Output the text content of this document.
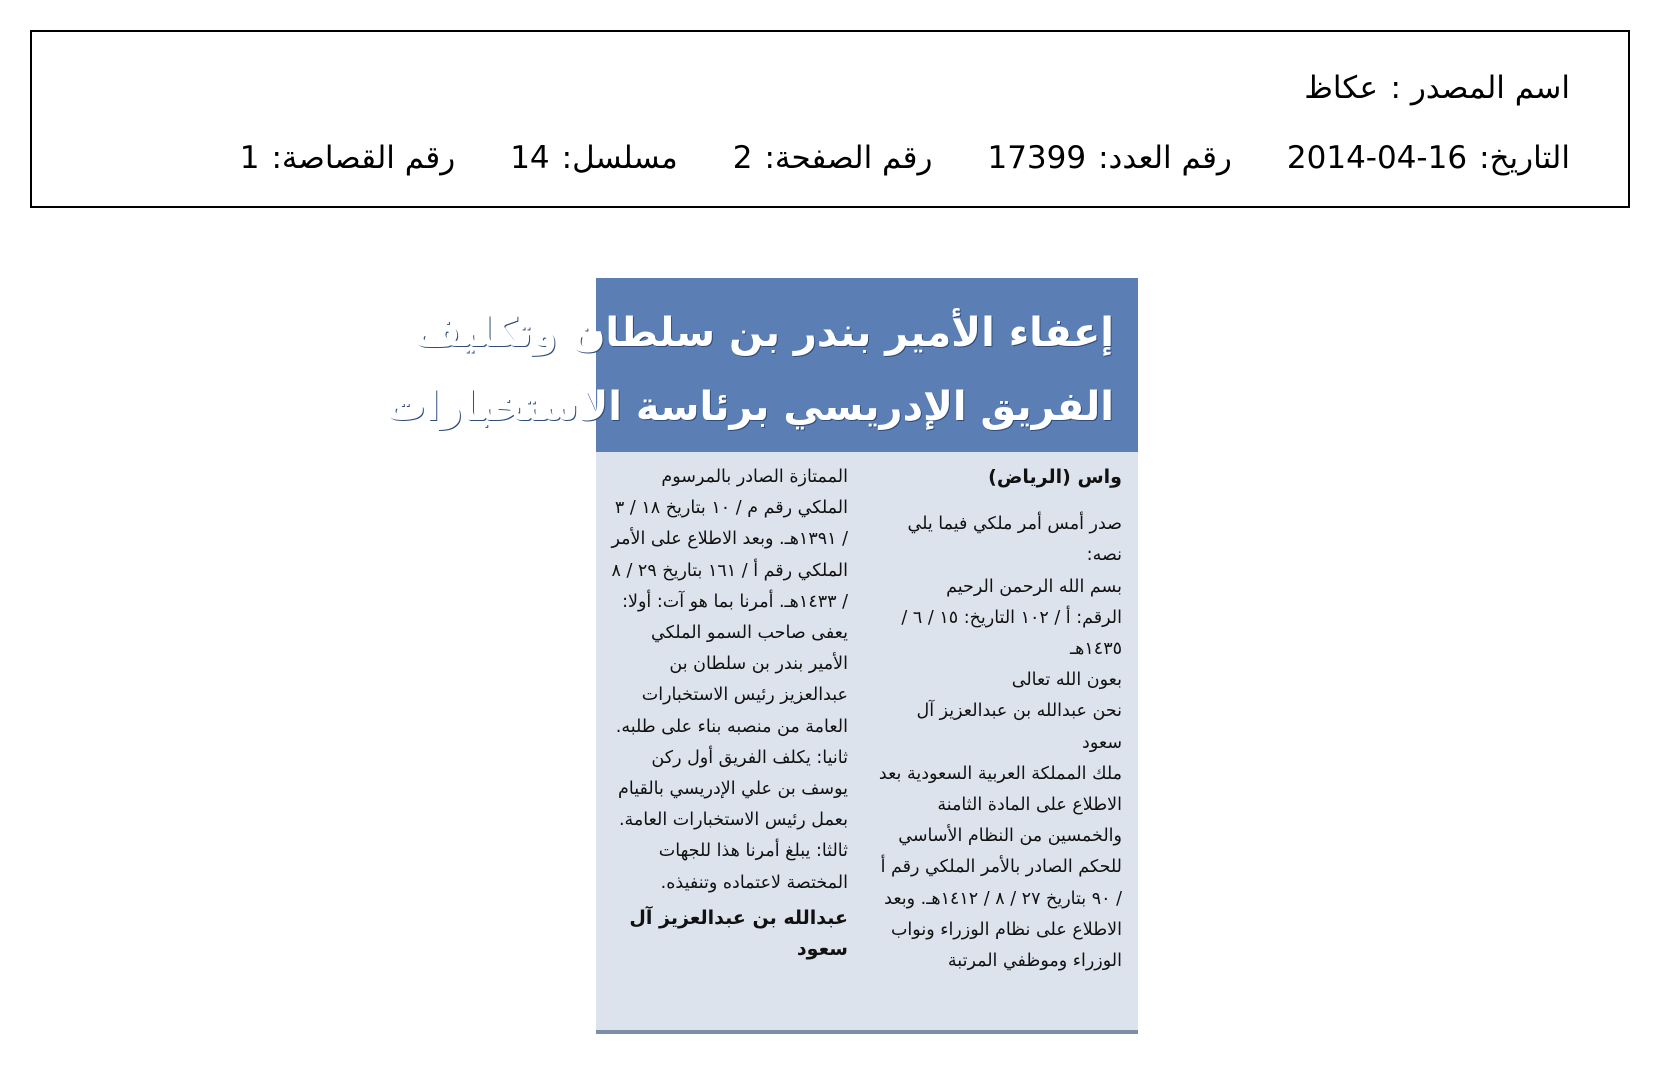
اسم المصدر :
عكاظ
التاريخ:
2014-04-16
رقم العدد:
17399
رقم الصفحة:
2
مسلسل:
14
رقم القصاصة:
1
إعفاء الأمير بندر بن سلطان وتكليف
الفريق الإدريسي برئاسة الاستخبارات

واس (الرياض)

صدر أمس أمر ملكي فيما يلي نصه:

بسم الله الرحمن الرحيم

الرقم: أ / ١٠٢ التاريخ: ١٥ / ٦ / ١٤٣٥هـ

بعون الله تعالى

نحن عبدالله بن عبدالعزيز آل سعود

ملك المملكة العربية السعودية بعد الاطلاع على المادة الثامنة والخمسين من النظام الأساسي للحكم الصادر بالأمر الملكي رقم أ / ٩٠ بتاريخ ٢٧ / ٨ / ١٤١٢هـ. وبعد الاطلاع على نظام الوزراء ونواب الوزراء وموظفي المرتبة

الممتازة الصادر بالمرسوم الملكي رقم م / ١٠ بتاريخ ١٨ / ٣ / ١٣٩١هـ. وبعد الاطلاع على الأمر الملكي رقم أ / ١٦١ بتاريخ ٢٩ / ٨ / ١٤٣٣هـ. أمرنا بما هو آت: أولا: يعفى صاحب السمو الملكي الأمير بندر بن سلطان بن عبدالعزيز رئيس الاستخبارات العامة من منصبه بناء على طلبه.

ثانيا: يكلف الفريق أول ركن يوسف بن علي الإدريسي بالقيام بعمل رئيس الاستخبارات العامة.

ثالثا: يبلغ أمرنا هذا للجهات المختصة لاعتماده وتنفيذه.

عبدالله بن عبدالعزيز آل سعود
